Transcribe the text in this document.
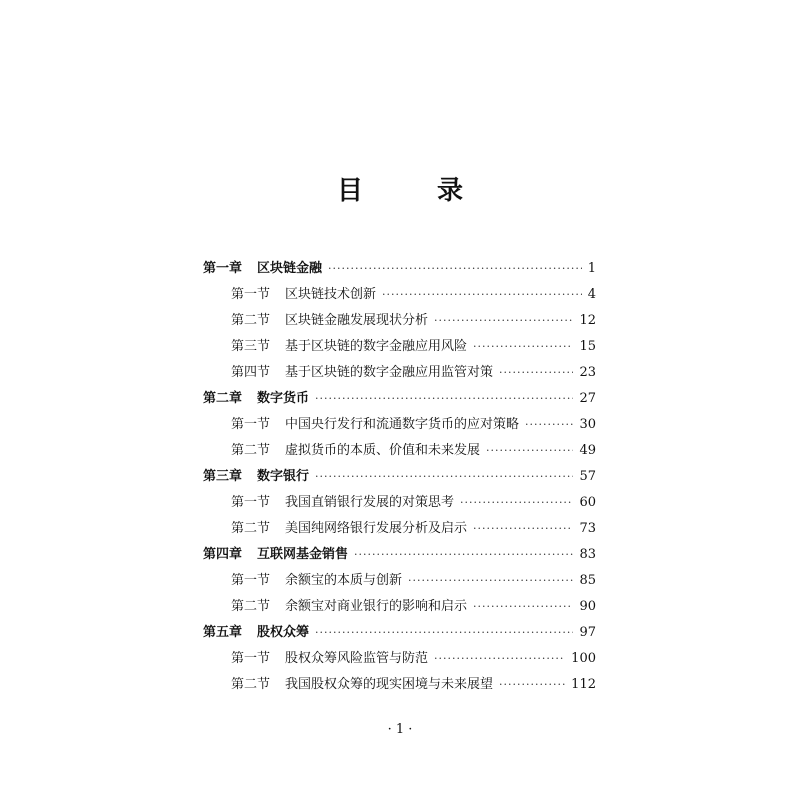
目　录
第一章 区块链金融 ·····	1
第一节 区块链技术创新 ·····	4
第二节 区块链金融发展现状分析 ·····	12
第三节 基于区块链的数字金融应用风险 ·····	15
第四节 基于区块链的数字金融应用监管对策 ·····	23
第二章 数字货币 ·····	27
第一节 中国央行发行和流通数字货币的应对策略 ·····	30
第二节 虚拟货币的本质、价值和未来发展 ·····	49
第三章 数字银行 ·····	57
第一节 我国直销银行发展的对策思考 ·····	60
第二节 美国纯网络银行发展分析及启示 ·····	73
第四章 互联网基金销售 ·····	83
第一节 余额宝的本质与创新 ·····	85
第二节 余额宝对商业银行的影响和启示 ·····	90
第五章 股权众筹 ·····	97
第一节 股权众筹风险监管与防范 ·····	100
第二节 我国股权众筹的现实困境与未来展望 ·····	112
· 1 ·
